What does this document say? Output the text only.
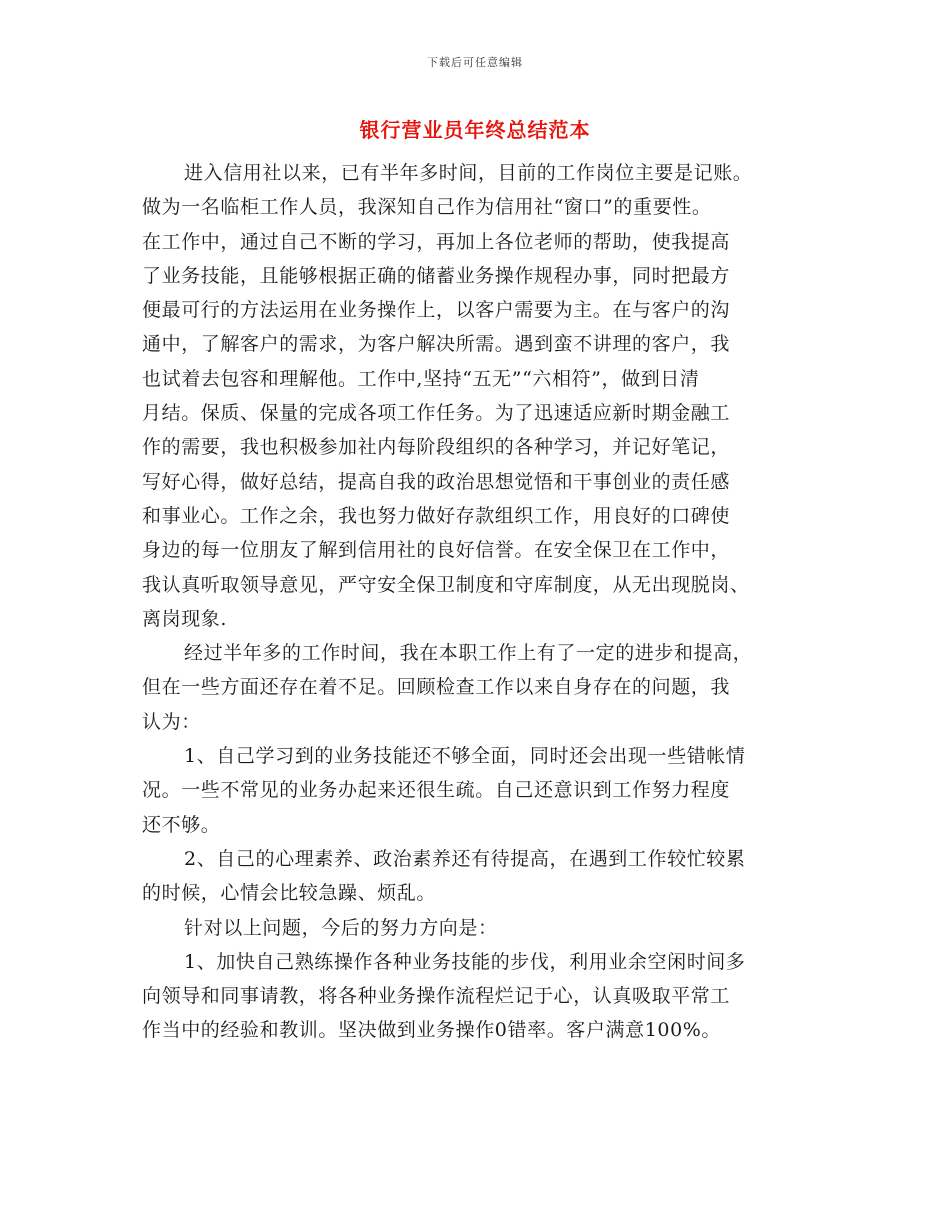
下载后可任意编辑
银行营业员年终总结范本
进入信用社以来，已有半年多时间，目前的工作岗位主要是记账。
做为一名临柜工作人员，我深知自己作为信用社“窗口”的重要性。
在工作中，通过自己不断的学习，再加上各位老师的帮助，使我提高
了业务技能，且能够根据正确的储蓄业务操作规程办事，同时把最方
便最可行的方法运用在业务操作上，以客户需要为主。在与客户的沟
通中，了解客户的需求，为客户解决所需。遇到蛮不讲理的客户，我
也试着去包容和理解他。工作中,坚持“五无”“六相符”，做到日清
月结。保质、保量的完成各项工作任务。为了迅速适应新时期金融工
作的需要，我也积极参加社内每阶段组织的各种学习，并记好笔记，
写好心得，做好总结，提高自我的政治思想觉悟和干事创业的责任感
和事业心。工作之余，我也努力做好存款组织工作，用良好的口碑使
身边的每一位朋友了解到信用社的良好信誉。在安全保卫在工作中，
我认真听取领导意见，严守安全保卫制度和守库制度，从无出现脱岗、
离岗现象.
经过半年多的工作时间，我在本职工作上有了一定的进步和提高，
但在一些方面还存在着不足。回顾检查工作以来自身存在的问题，我
认为：
1、自己学习到的业务技能还不够全面，同时还会出现一些错帐情
况。一些不常见的业务办起来还很生疏。自己还意识到工作努力程度
还不够。
2、自己的心理素养、政治素养还有待提高，在遇到工作较忙较累
的时候，心情会比较急躁、烦乱。
针对以上问题，今后的努力方向是：
1、加快自己熟练操作各种业务技能的步伐，利用业余空闲时间多
向领导和同事请教，将各种业务操作流程烂记于心，认真吸取平常工
作当中的经验和教训。坚决做到业务操作0错率。客户满意100%。
